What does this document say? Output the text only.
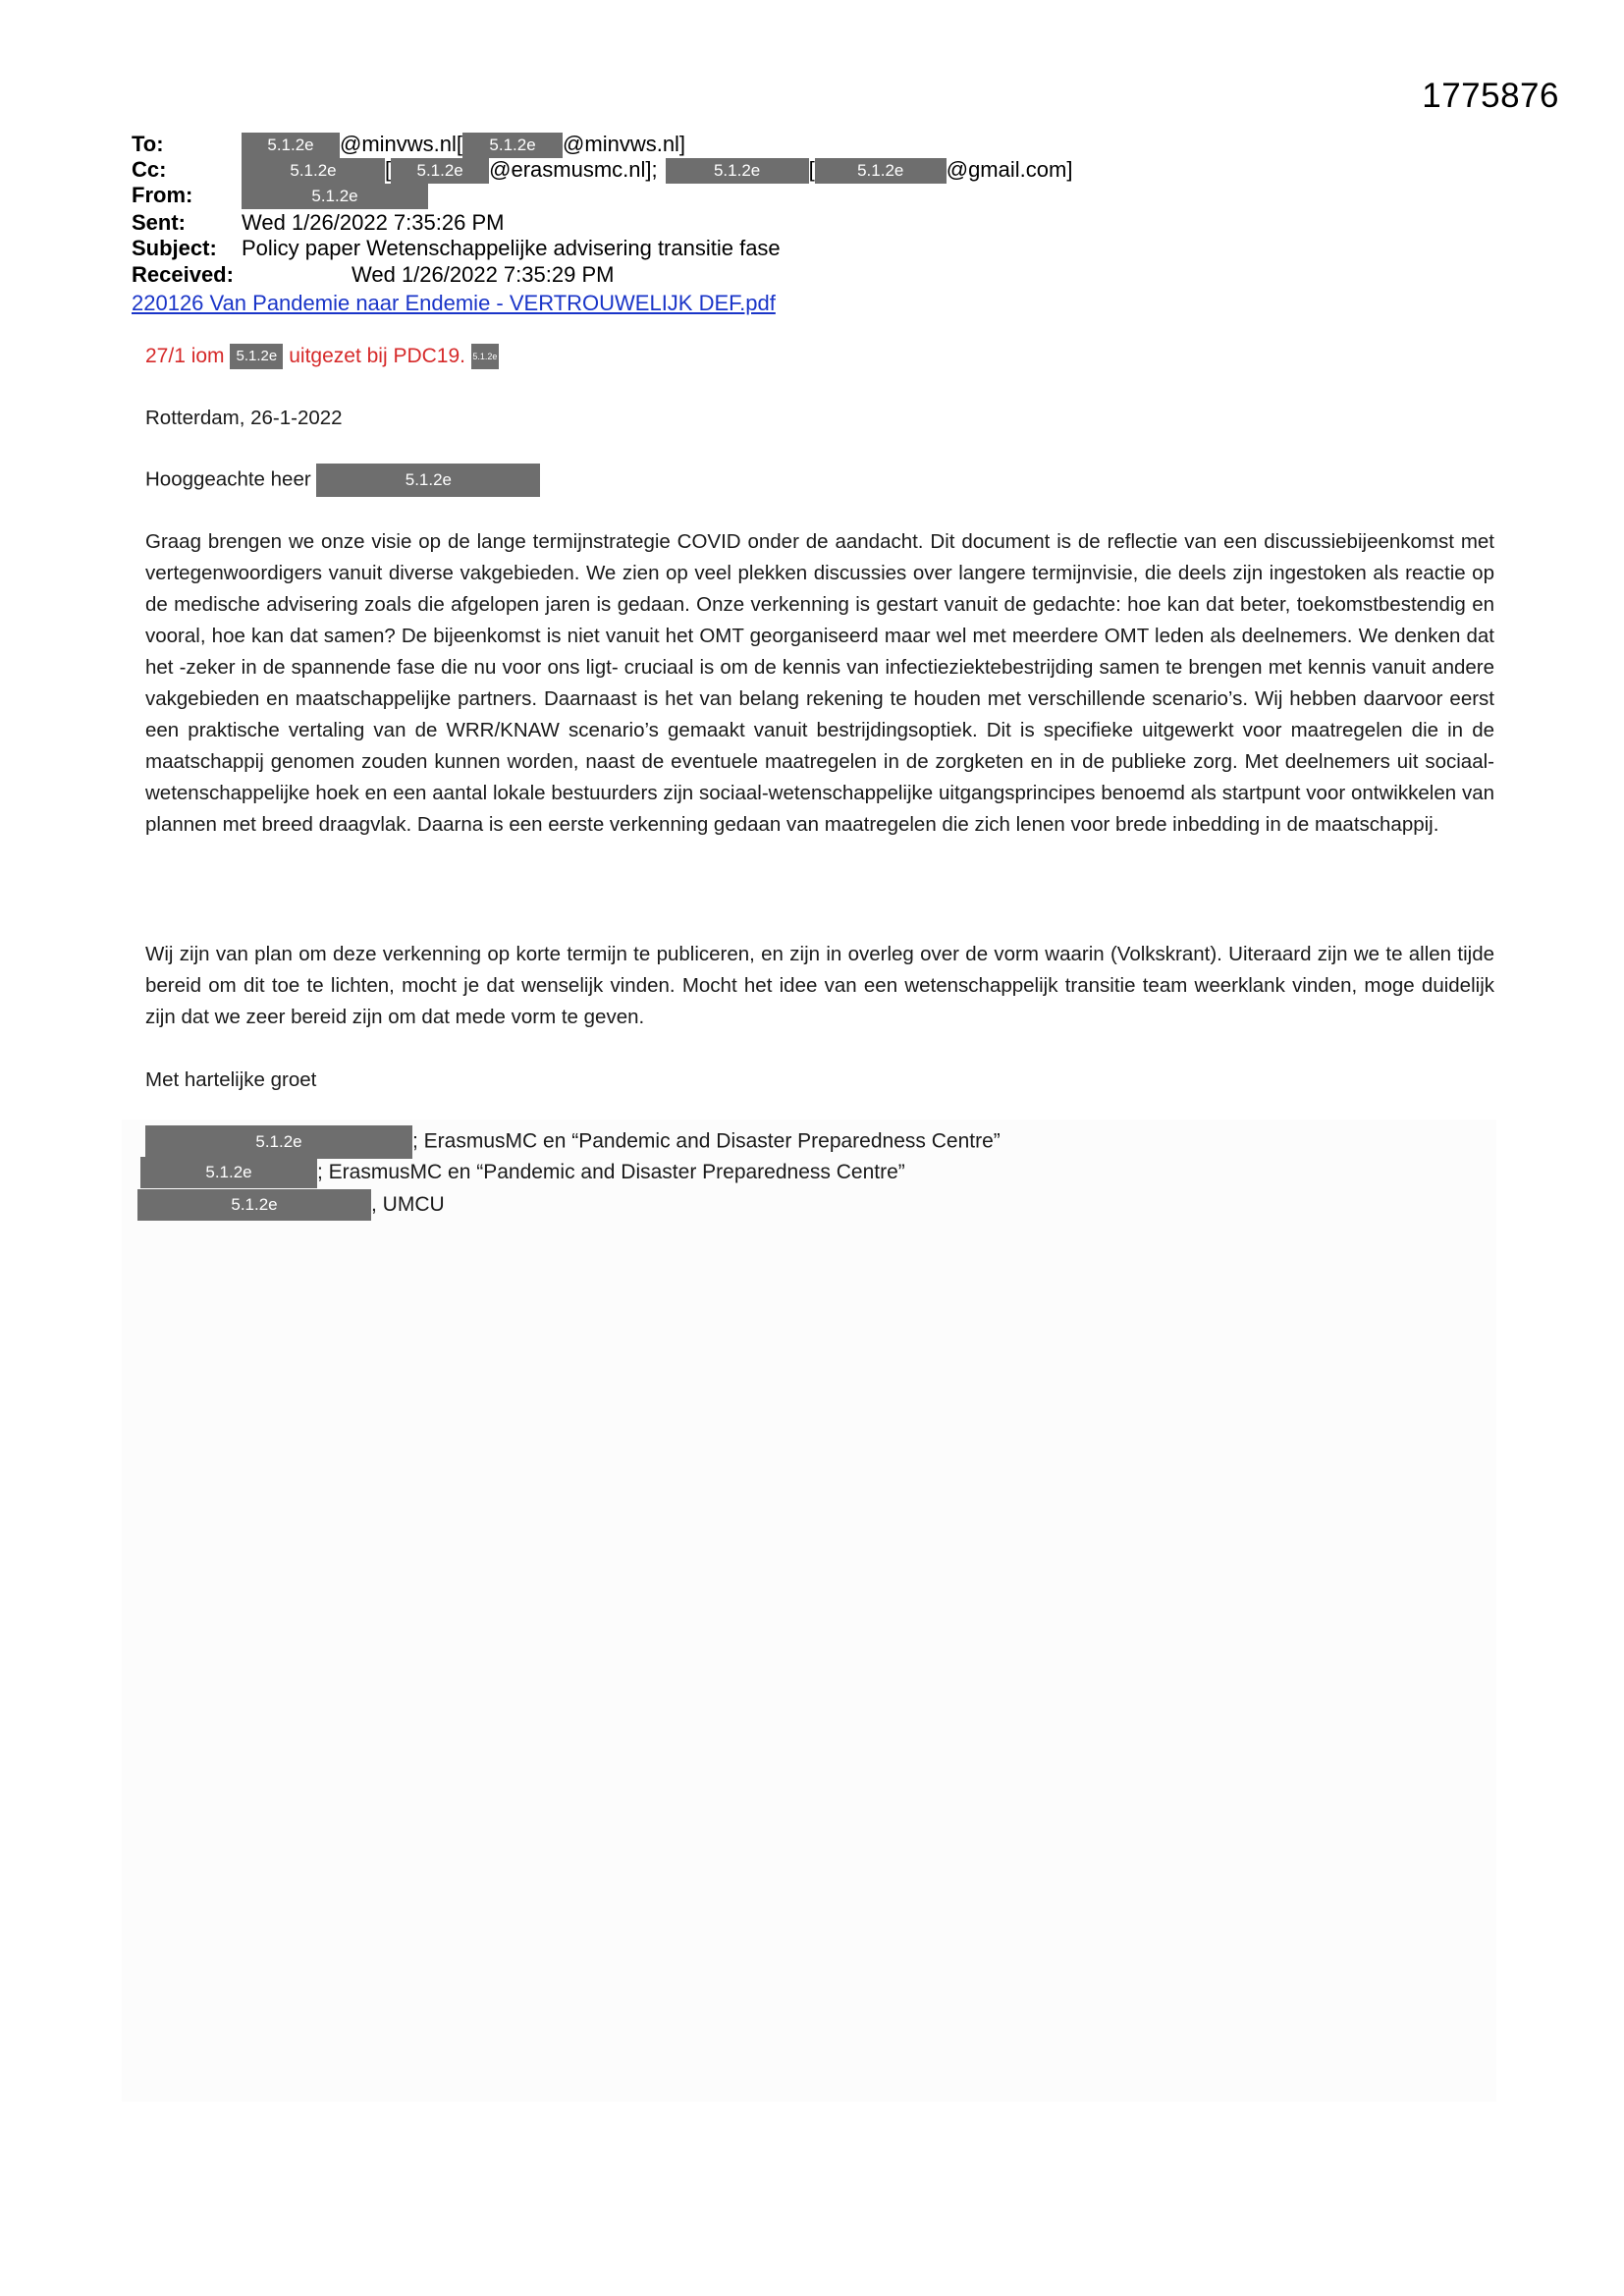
1775876
To:	5.1.2e @minvws.nl[ 5.1.2e @minvws.nl]
Cc:	5.1.2e [ 5.1.2e @erasmusmc.nl];	5.1.2e [	5.1.2e @gmail.com]
From:	5.1.2e
Sent:	Wed 1/26/2022 7:35:26 PM
Subject: Policy paper Wetenschappelijke advisering transitie fase
Received:	Wed 1/26/2022 7:35:29 PM
220126 Van Pandemie naar Endemie - VERTROUWELIJK DEF.pdf
27/1 iom 5.1.2e uitgezet bij PDC19. 5.1.2e
Rotterdam, 26-1-2022
Hooggeachte heer	5.1.2e
Graag brengen we onze visie op de lange termijnstrategie COVID onder de aandacht. Dit document is de reflectie van een discussiebijeenkomst met vertegenwoordigers vanuit diverse vakgebieden. We zien op veel plekken discussies over langere termijnvisie, die deels zijn ingestoken als reactie op de medische advisering zoals die afgelopen jaren is gedaan. Onze verkenning is gestart vanuit de gedachte: hoe kan dat beter, toekomstbestendig en vooral, hoe kan dat samen? De bijeenkomst is niet vanuit het OMT georganiseerd maar wel met meerdere OMT leden als deelnemers. We denken dat het -zeker in de spannende fase die nu voor ons ligt- cruciaal is om de kennis van infectieziektebestrijding samen te brengen met kennis vanuit andere vakgebieden en maatschappelijke partners. Daarnaast is het van belang rekening te houden met verschillende scenario’s. Wij hebben daarvoor eerst een praktische vertaling van de WRR/KNAW scenario’s gemaakt vanuit bestrijdingsoptiek. Dit is specifieke uitgewerkt voor maatregelen die in de maatschappij genomen zouden kunnen worden, naast de eventuele maatregelen in de zorgketen en in de publieke zorg. Met deelnemers uit sociaal-wetenschappelijke hoek en een aantal lokale bestuurders zijn sociaal-wetenschappelijke uitgangsprincipes benoemd als startpunt voor ontwikkelen van plannen met breed draagvlak. Daarna is een eerste verkenning gedaan van maatregelen die zich lenen voor brede inbedding in de maatschappij.
Wij zijn van plan om deze verkenning op korte termijn te publiceren, en zijn in overleg over de vorm waarin (Volkskrant). Uiteraard zijn we te allen tijde bereid om dit toe te lichten, mocht je dat wenselijk vinden. Mocht het idee van een wetenschappelijk transitie team weerklank vinden, moge duidelijk zijn dat we zeer bereid zijn om dat mede vorm te geven.
Met hartelijke groet
5.1.2e	; ErasmusMC en “Pandemic and Disaster Preparedness Centre”
5.1.2e	; ErasmusMC en “Pandemic and Disaster Preparedness Centre”
5.1.2e	, UMCU
